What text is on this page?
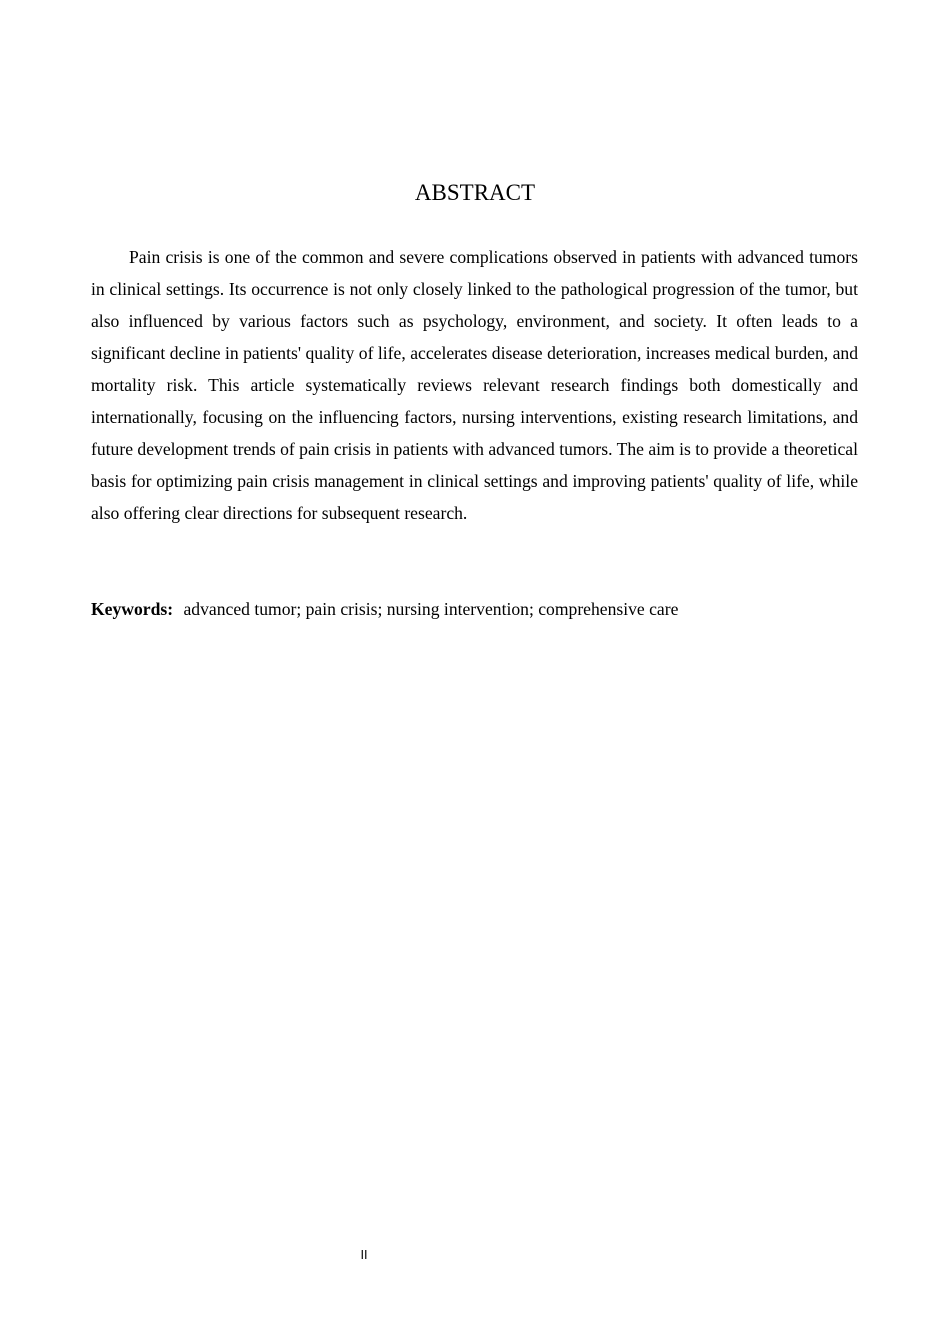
ABSTRACT

Pain crisis is one of the common and severe complications observed in patients with advanced tumors in clinical settings. Its occurrence is not only closely linked to the pathological progression of the tumor, but also influenced by various factors such as psychology, environment, and society. It often leads to a significant decline in patients' quality of life, accelerates disease deterioration, increases medical burden, and mortality risk. This article systematically reviews relevant research findings both domestically and internationally, focusing on the influencing factors, nursing interventions, existing research limitations, and future development trends of pain crisis in patients with advanced tumors. The aim is to provide a theoretical basis for optimizing pain crisis management in clinical settings and improving patients' quality of life, while also offering clear directions for subsequent research.

Keywords: advanced tumor; pain crisis; nursing intervention; comprehensive care

II
